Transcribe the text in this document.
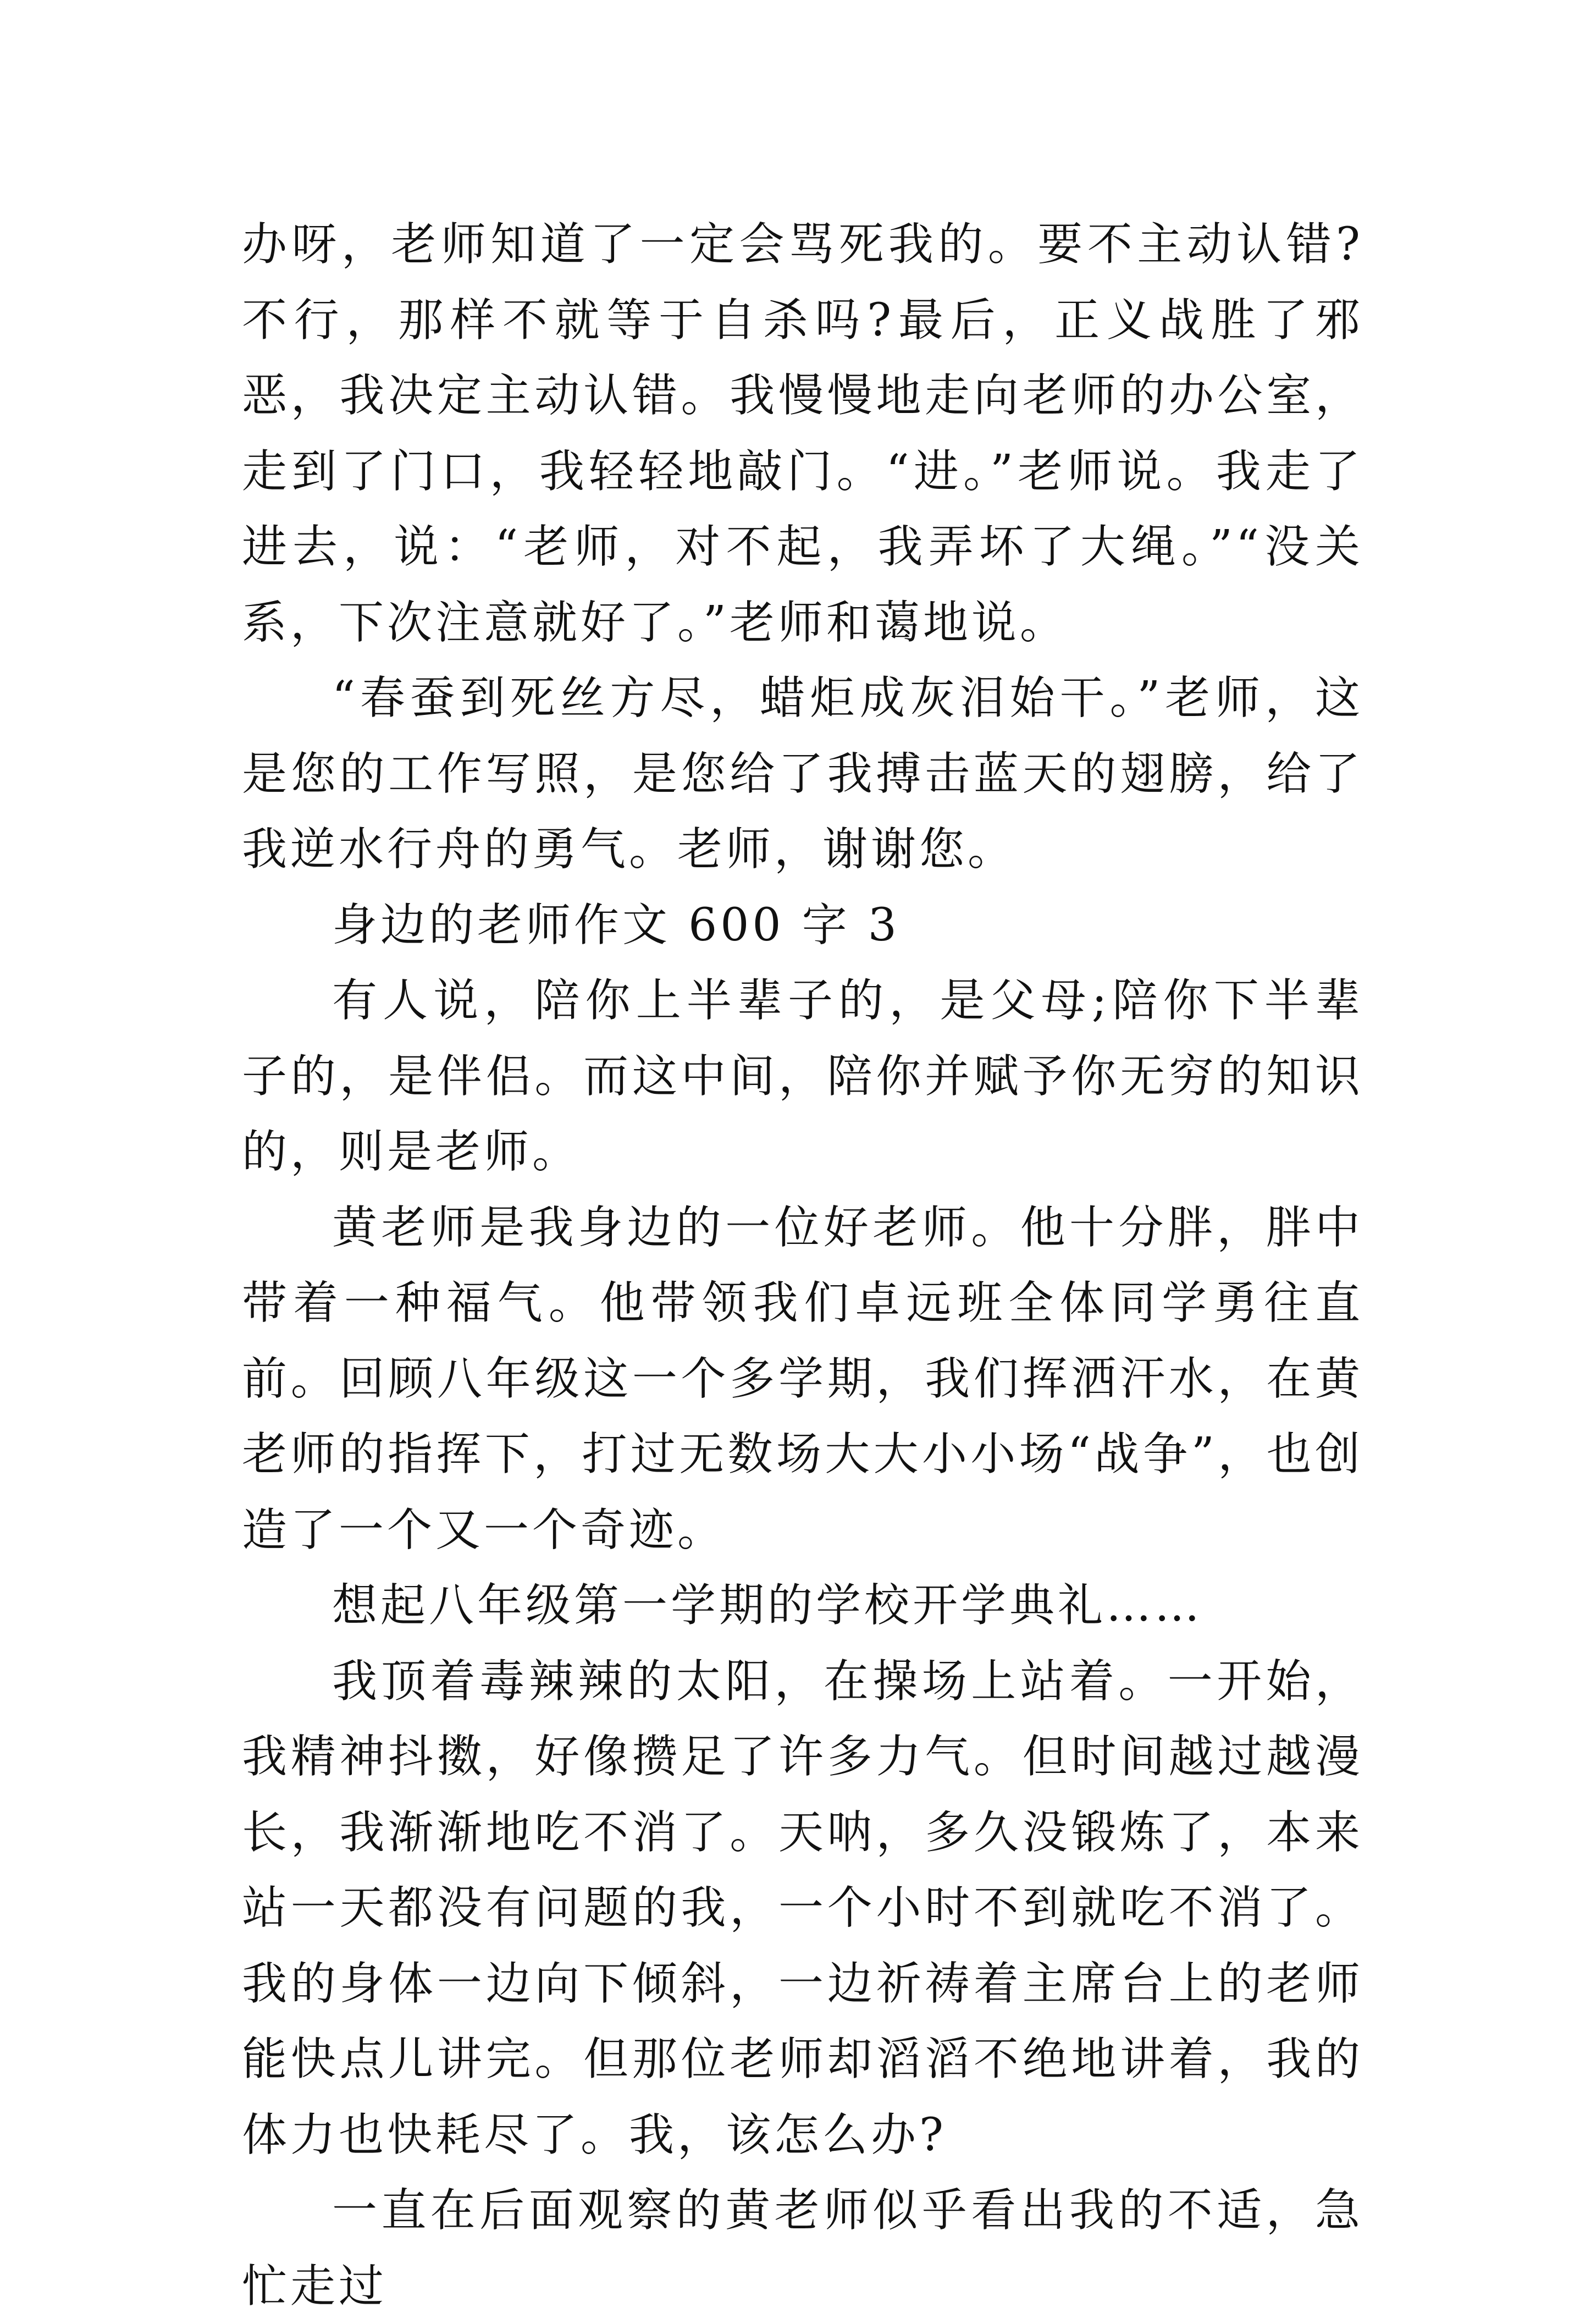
办呀，老师知道了一定会骂死我的。要不主动认错?不行，那样不就等于自杀吗?最后，正义战胜了邪恶，我决定主动认错。我慢慢地走向老师的办公室，走到了门口，我轻轻地敲门。“进。”老师说。我走了进去，说：“老师，对不起，我弄坏了大绳。”“没关系，下次注意就好了。”老师和蔼地说。

“春蚕到死丝方尽，蜡炬成灰泪始干。”老师，这是您的工作写照，是您给了我搏击蓝天的翅膀，给了我逆水行舟的勇气。老师，谢谢您。

身边的老师作文 600 字 3

有人说，陪你上半辈子的，是父母;陪你下半辈子的，是伴侣。而这中间，陪你并赋予你无穷的知识的，则是老师。

黄老师是我身边的一位好老师。他十分胖，胖中带着一种福气。他带领我们卓远班全体同学勇往直前。回顾八年级这一个多学期，我们挥洒汗水，在黄老师的指挥下，打过无数场大大小小场“战争”，也创造了一个又一个奇迹。

想起八年级第一学期的学校开学典礼……

我顶着毒辣辣的太阳，在操场上站着。一开始，我精神抖擞，好像攒足了许多力气。但时间越过越漫长，我渐渐地吃不消了。天呐，多久没锻炼了，本来站一天都没有问题的我，一个小时不到就吃不消了。我的身体一边向下倾斜，一边祈祷着主席台上的老师能快点儿讲完。但那位老师却滔滔不绝地讲着，我的体力也快耗尽了。我，该怎么办?

一直在后面观察的黄老师似乎看出我的不适，急忙走过
